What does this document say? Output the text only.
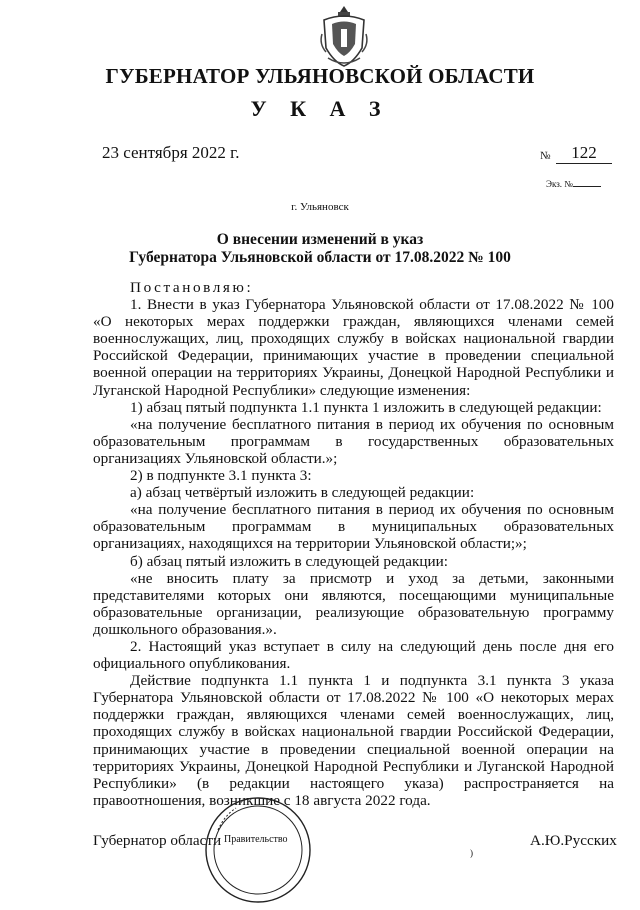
ГУБЕРНАТОР УЛЬЯНОВСКОЙ ОБЛАСТИ
У К А З
23 сентября 2022 г.	№	122
Экз. №
г. Ульяновск
О внесении изменений в указ
Губернатора Ульяновской области от 17.08.2022 № 100

Постановляю:

1. Внести в указ Губернатора Ульяновской области от 17.08.2022 № 100 «О некоторых мерах поддержки граждан, являющихся членами семей военнослужащих, лиц, проходящих службу в войсках национальной гвардии Российской Федерации, принимающих участие в проведении специальной военной операции на территориях Украины, Донецкой Народной Республики и Луганской Народной Республики» следующие изменения:

1) абзац пятый подпункта 1.1 пункта 1 изложить в следующей редакции:

«на получение бесплатного питания в период их обучения по основным образовательным программам в государственных образовательных организациях Ульяновской области.»;

2) в подпункте 3.1 пункта 3:

а) абзац четвёртый изложить в следующей редакции:

«на получение бесплатного питания в период их обучения по основным образовательным программам в муниципальных образовательных организациях, находящихся на территории Ульяновской области;»;

б) абзац пятый изложить в следующей редакции:

«не вносить плату за присмотр и уход за детьми, законными представителями которых они являются, посещающими муниципальные образовательные организации, реализующие образовательную программу дошкольного образования.».

2. Настоящий указ вступает в силу на следующий день после дня его официального опубликования.

Действие подпункта 1.1 пункта 1 и подпункта 3.1 пункта 3 указа Губернатора Ульяновской области от 17.08.2022 № 100 «О некоторых мерах поддержки граждан, являющихся членами семей военнослужащих, лиц, проходящих службу в войсках национальной гвардии Российской Федерации, принимающих участие в проведении специальной военной операции на территориях Украины, Донецкой Народной Республики и Луганской Народной Республики» (в редакции настоящего указа) распространяется на правоотношения, возникшие с 18 августа 2022 года.

Губернатор области	А.Ю.Русских
Правительство
)
